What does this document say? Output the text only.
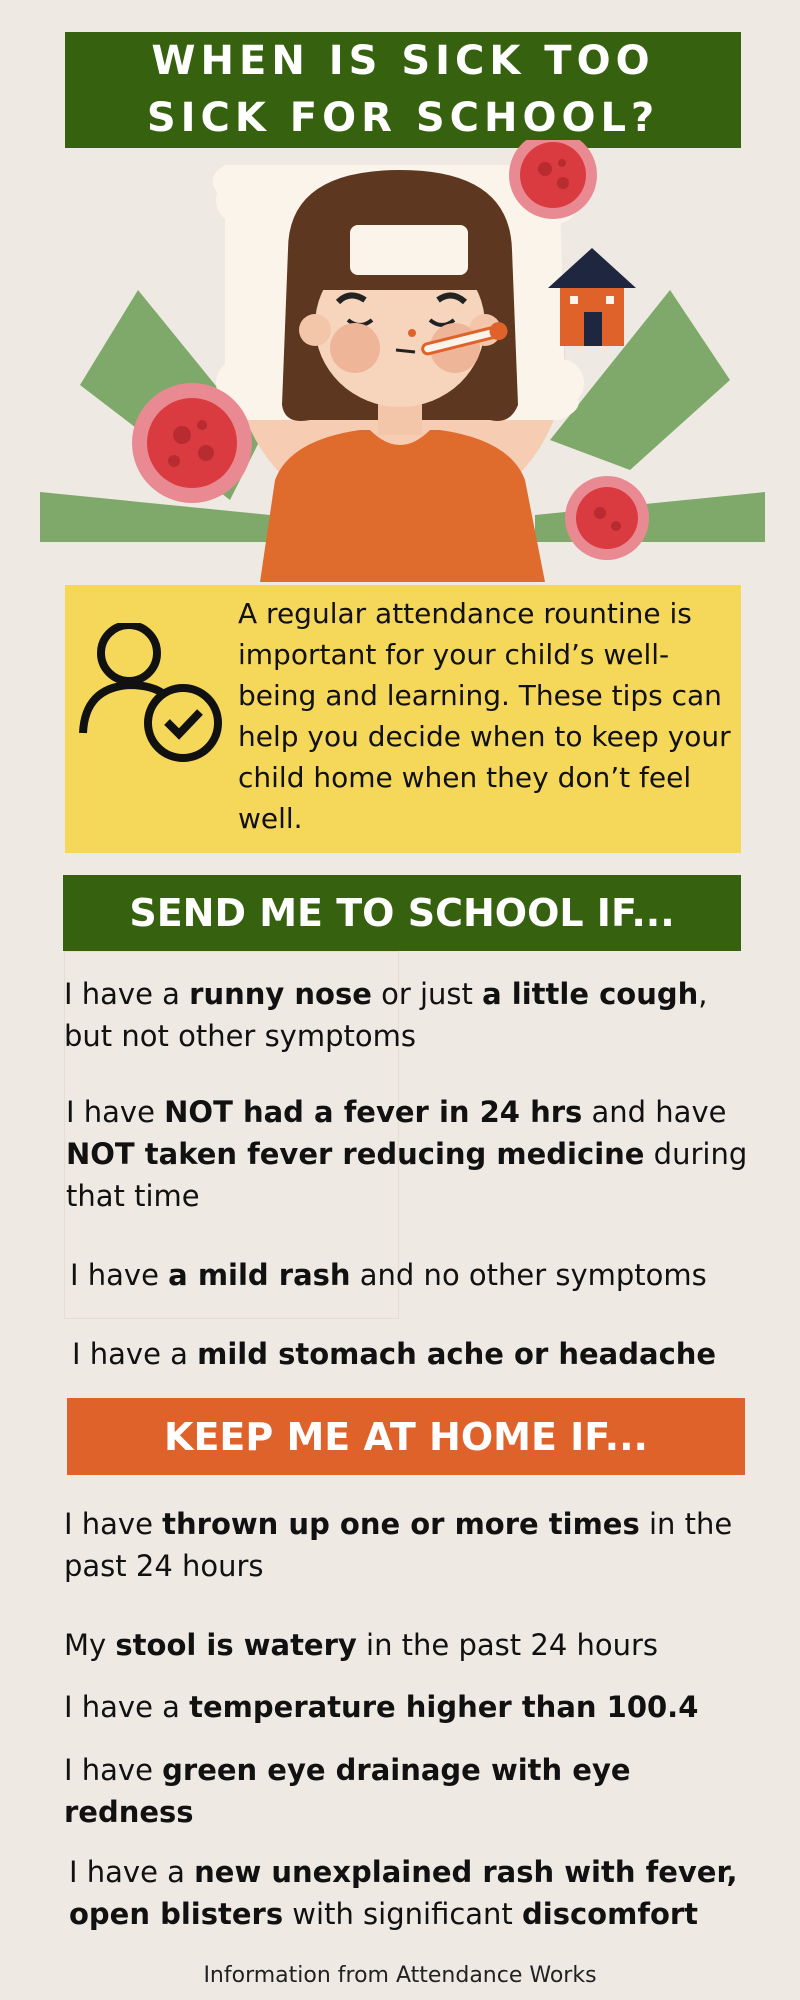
WHEN IS SICK TOO
SICK FOR SCHOOL?
A regular attendance rountine is important for your child’s well-being and learning. These tips can help you decide when to keep your child home when they don’t feel well.
SEND ME TO SCHOOL IF...
I have a runny nose or just a little cough, but not other symptoms
I have NOT had a fever in 24 hrs and have NOT taken fever reducing medicine during that time
I have a mild rash and no other symptoms
I have a mild stomach ache or headache
KEEP ME AT HOME IF...
I have thrown up one or more times in the past 24 hours
My stool is watery in the past 24 hours
I have a temperature higher than 100.4
I have green eye drainage with eye redness
I have a new unexplained rash with fever, open blisters with significant discomfort
Information from Attendance Works
